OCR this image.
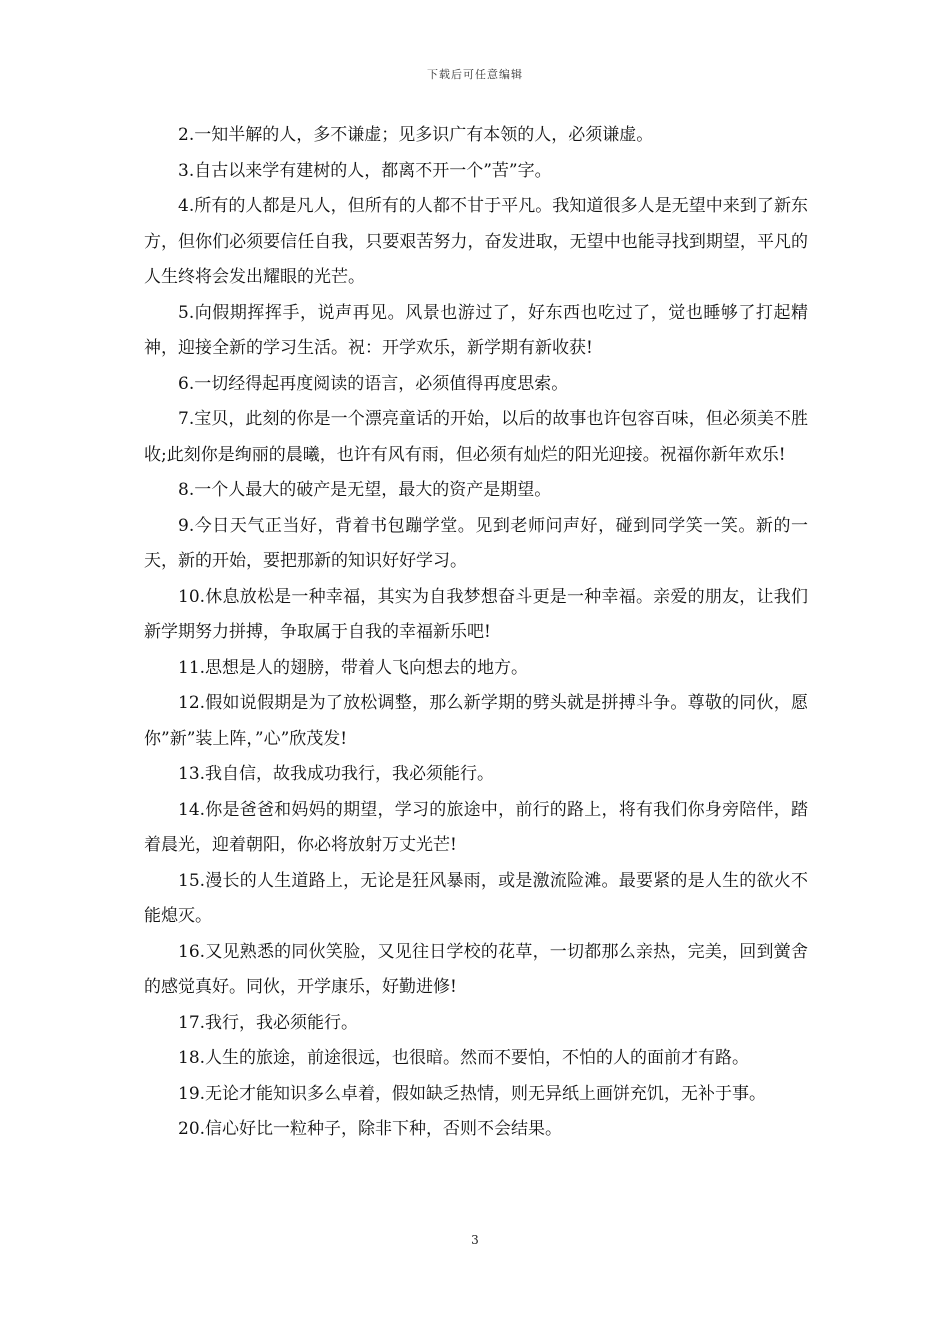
下载后可任意编辑

2.一知半解的人，多不谦虚；见多识广有本领的人，必须谦虚。

3.自古以来学有建树的人，都离不开一个”苦”字。

4.所有的人都是凡人，但所有的人都不甘于平凡。我知道很多人是无望中来到了新东方，但你们必须要信任自我，只要艰苦努力，奋发进取，无望中也能寻找到期望，平凡的人生终将会发出耀眼的光芒。

5.向假期挥挥手，说声再见。风景也游过了，好东西也吃过了，觉也睡够了打起精神，迎接全新的学习生活。祝：开学欢乐，新学期有新收获!

6.一切经得起再度阅读的语言，必须值得再度思索。

7.宝贝，此刻的你是一个漂亮童话的开始，以后的故事也许包容百味，但必须美不胜收;此刻你是绚丽的晨曦，也许有风有雨，但必须有灿烂的阳光迎接。祝福你新年欢乐!

8.一个人最大的破产是无望，最大的资产是期望。

9.今日天气正当好，背着书包蹦学堂。见到老师问声好，碰到同学笑一笑。新的一天，新的开始，要把那新的知识好好学习。

10.休息放松是一种幸福，其实为自我梦想奋斗更是一种幸福。亲爱的朋友，让我们新学期努力拼搏，争取属于自我的幸福新乐吧!

11.思想是人的翅膀，带着人飞向想去的地方。

12.假如说假期是为了放松调整，那么新学期的劈头就是拼搏斗争。尊敬的同伙，愿你”新”装上阵，”心”欣茂发!

13.我自信，故我成功我行，我必须能行。

14.你是爸爸和妈妈的期望，学习的旅途中，前行的路上，将有我们你身旁陪伴，踏着晨光，迎着朝阳，你必将放射万丈光芒!

15.漫长的人生道路上，无论是狂风暴雨，或是激流险滩。最要紧的是人生的欲火不能熄灭。

16.又见熟悉的同伙笑脸，又见往日学校的花草，一切都那么亲热，完美，回到黉舍的感觉真好。同伙，开学康乐，好勤进修!

17.我行，我必须能行。

18.人生的旅途，前途很远，也很暗。然而不要怕，不怕的人的面前才有路。

19.无论才能知识多么卓着，假如缺乏热情，则无异纸上画饼充饥，无补于事。

20.信心好比一粒种子，除非下种，否则不会结果。

3
